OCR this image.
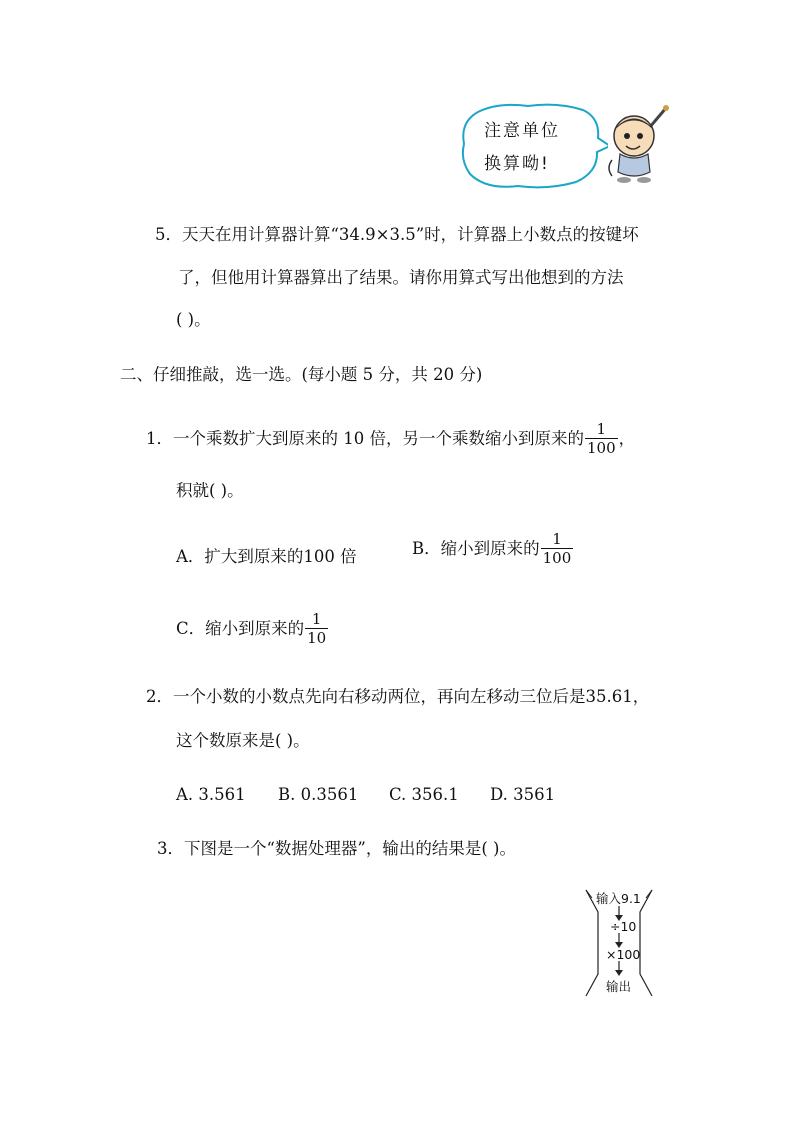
注意单位
换算呦!
5．天天在用计算器计算“34.9×3.5”时，计算器上小数点的按键坏
了，但他用计算器算出了结果。请你用算式写出他想到的方法
( )。
二、仔细推敲，选一选。(每小题 5 分，共 20 分)
1．一个乘数扩大到原来的 10 倍，另一个乘数缩小到原来的 $\frac{1}{100}$ ，
积就( )。
A．扩大到原来的100 倍	B．缩小到原来的 $\frac{1}{100}$
C．缩小到原来的 $\frac{1}{10}$
2．一个小数的小数点先向右移动两位，再向左移动三位后是35.61，
这个数原来是( )。
A. 3.561 B. 0.3561 C. 356.1 D. 3561
3．下图是一个“数据处理器”，输出的结果是( )。
输入9.1
÷10
×100
输出
